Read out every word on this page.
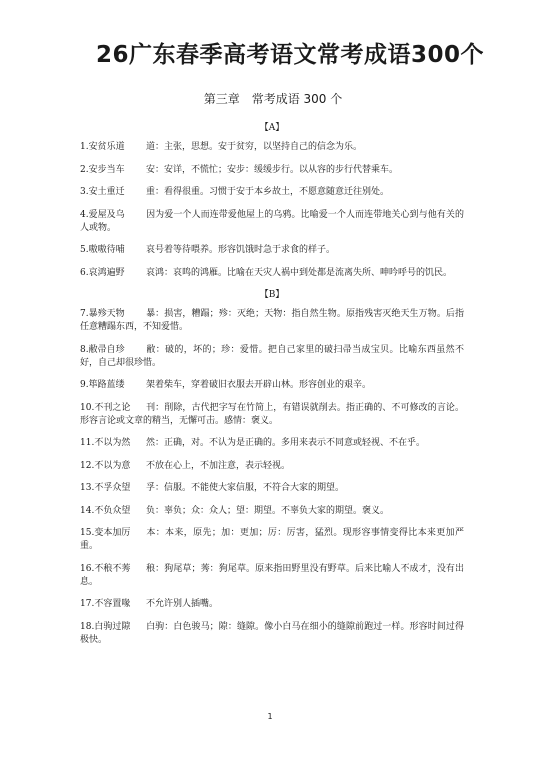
26广东春季高考语文常考成语300个
第三章　常考成语 300 个
【A】
1.安贫乐道 道：主张，思想。安于贫穷，以坚持自己的信念为乐。
2.安步当车 安：安详，不慌忙；安步：缓缓步行。以从容的步行代替乘车。
3.安土重迁 重：看得很重。习惯于安于本乡故土，不愿意随意迁往别处。
4.爱屋及乌 因为爱一个人而连带爱他屋上的乌鸦。比喻爱一个人而连带地关心到与他有关的人或物。
5.嗷嗷待哺 哀号着等待喂养。形容饥饿时急于求食的样子。
6.哀鸿遍野 哀鸿：哀鸣的鸿雁。比喻在天灾人祸中到处都是流离失所、呻吟呼号的饥民。
【B】
7.暴殄天物 暴：损害，糟蹋；殄：灭绝；天物：指自然生物。原指残害灭绝天生万物。后指任意糟蹋东西，不知爱惜。
8.敝帚自珍 敝：破的，坏的；珍：爱惜。把自己家里的破扫帚当成宝贝。比喻东西虽然不好，自己却很珍惜。
9.筚路蓝缕 架着柴车，穿着破旧衣服去开辟山林。形容创业的艰辛。
10.不刊之论 刊：削除，古代把字写在竹简上，有错误就削去。指正确的、不可修改的言论。形容言论或文章的精当，无懈可击。感情：褒义。
11.不以为然 然：正确，对。不认为是正确的。多用来表示不同意或轻视、不在乎。
12.不以为意 不放在心上，不加注意，表示轻视。
13.不孚众望 孚：信服。不能使大家信服，不符合大家的期望。
14.不负众望 负：辜负；众：众人；望：期望。不辜负大家的期望。褒义。
15.变本加厉 本：本来，原先；加：更加；厉：厉害，猛烈。现形容事情变得比本来更加严重。
16.不稂不莠 稂：狗尾草；莠：狗尾草。原来指田野里没有野草。后来比喻人不成才，没有出息。
17.不容置喙 不允许别人插嘴。
18.白驹过隙 白驹：白色骏马；隙：缝隙。像小白马在细小的缝隙前跑过一样。形容时间过得极快。
1
